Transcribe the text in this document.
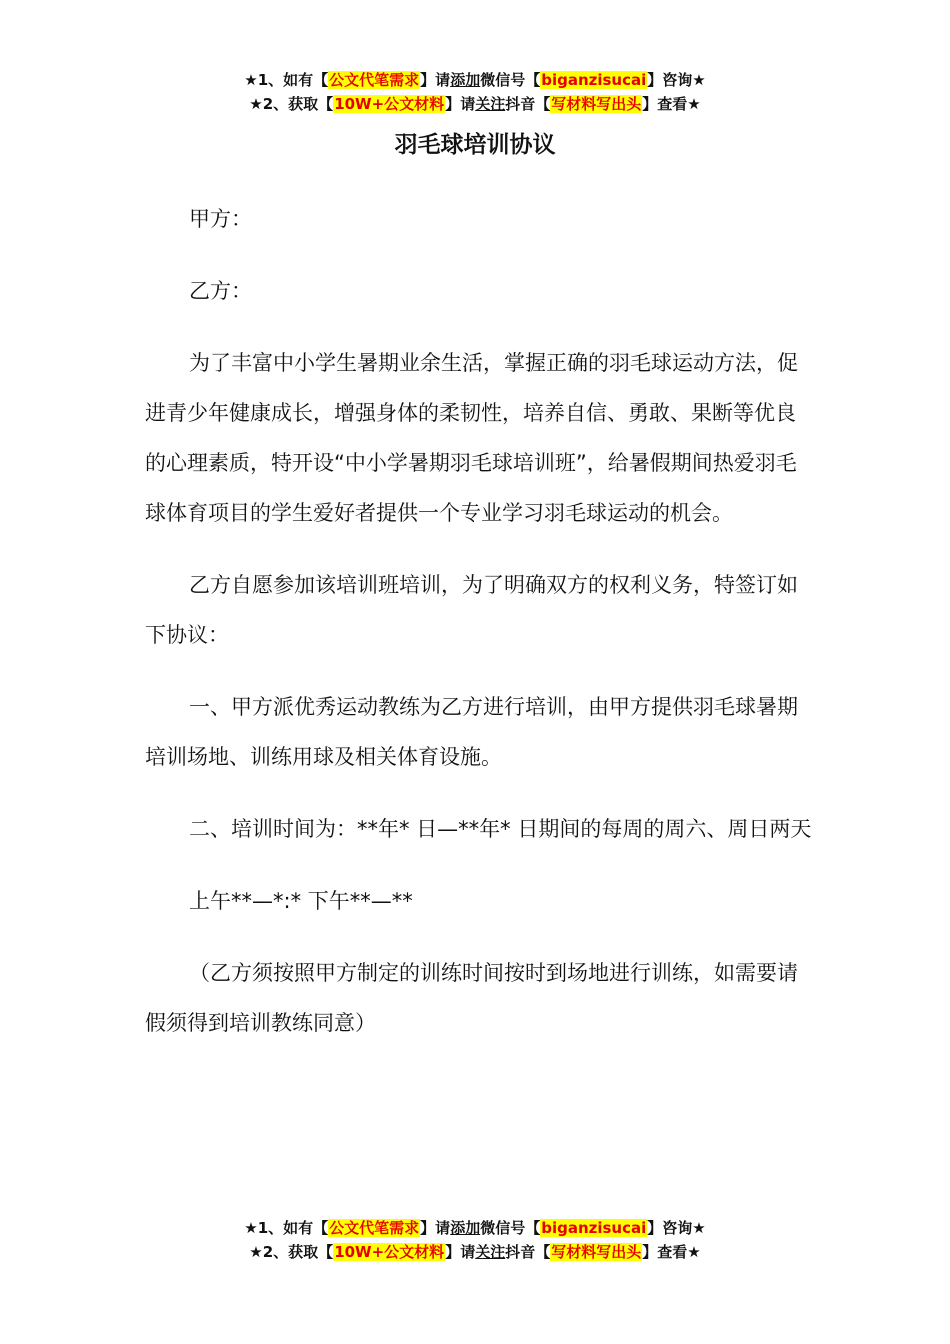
★1、如有【公文代笔需求】请添加微信号【biganzisucai】咨询★
★2、获取【10W+公文材料】请关注抖音【写材料写出头】查看★
羽毛球培训协议

甲方：

乙方：

为了丰富中小学生暑期业余生活，掌握正确的羽毛球运动方法，促进青少年健康成长，增强身体的柔韧性，培养自信、勇敢、果断等优良的心理素质，特开设“中小学暑期羽毛球培训班”，给暑假期间热爱羽毛球体育项目的学生爱好者提供一个专业学习羽毛球运动的机会。

乙方自愿参加该培训班培训，为了明确双方的权利义务，特签订如下协议：

一、甲方派优秀运动教练为乙方进行培训，由甲方提供羽毛球暑期培训场地、训练用球及相关体育设施。

二、培训时间为：**年* 日—**年* 日期间的每周的周六、周日两天

上午**—*:* 下午**—**

（乙方须按照甲方制定的训练时间按时到场地进行训练，如需要请假须得到培训教练同意）

★1、如有【公文代笔需求】请添加微信号【biganzisucai】咨询★
★2、获取【10W+公文材料】请关注抖音【写材料写出头】查看★
